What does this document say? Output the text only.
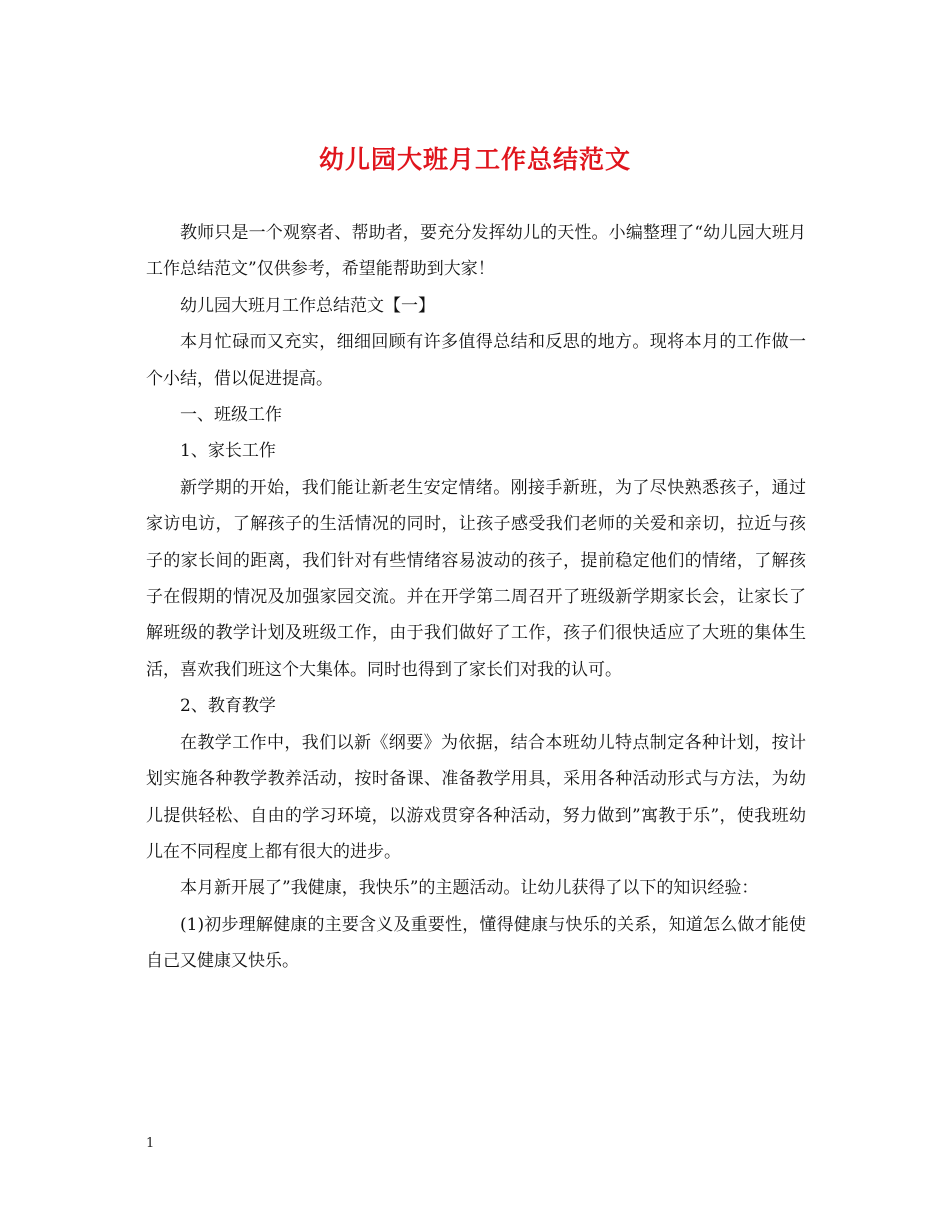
幼儿园大班月工作总结范文

教师只是一个观察者、帮助者，要充分发挥幼儿的天性。小编整理了“幼儿园大班月工作总结范文”仅供参考，希望能帮助到大家！

幼儿园大班月工作总结范文【一】

本月忙碌而又充实，细细回顾有许多值得总结和反思的地方。现将本月的工作做一个小结，借以促进提高。

一、班级工作

1、家长工作

新学期的开始，我们能让新老生安定情绪。刚接手新班，为了尽快熟悉孩子，通过家访电访，了解孩子的生活情况的同时，让孩子感受我们老师的关爱和亲切，拉近与孩子的家长间的距离，我们针对有些情绪容易波动的孩子，提前稳定他们的情绪，了解孩子在假期的情况及加强家园交流。并在开学第二周召开了班级新学期家长会，让家长了解班级的教学计划及班级工作，由于我们做好了工作，孩子们很快适应了大班的集体生活，喜欢我们班这个大集体。同时也得到了家长们对我的认可。

2、教育教学

在教学工作中，我们以新《纲要》为依据，结合本班幼儿特点制定各种计划，按计划实施各种教学教养活动，按时备课、准备教学用具，采用各种活动形式与方法，为幼儿提供轻松、自由的学习环境，以游戏贯穿各种活动，努力做到”寓教于乐”，使我班幼儿在不同程度上都有很大的进步。

本月新开展了”我健康，我快乐”的主题活动。让幼儿获得了以下的知识经验：

(1)初步理解健康的主要含义及重要性，懂得健康与快乐的关系，知道怎么做才能使自己又健康又快乐。

1
